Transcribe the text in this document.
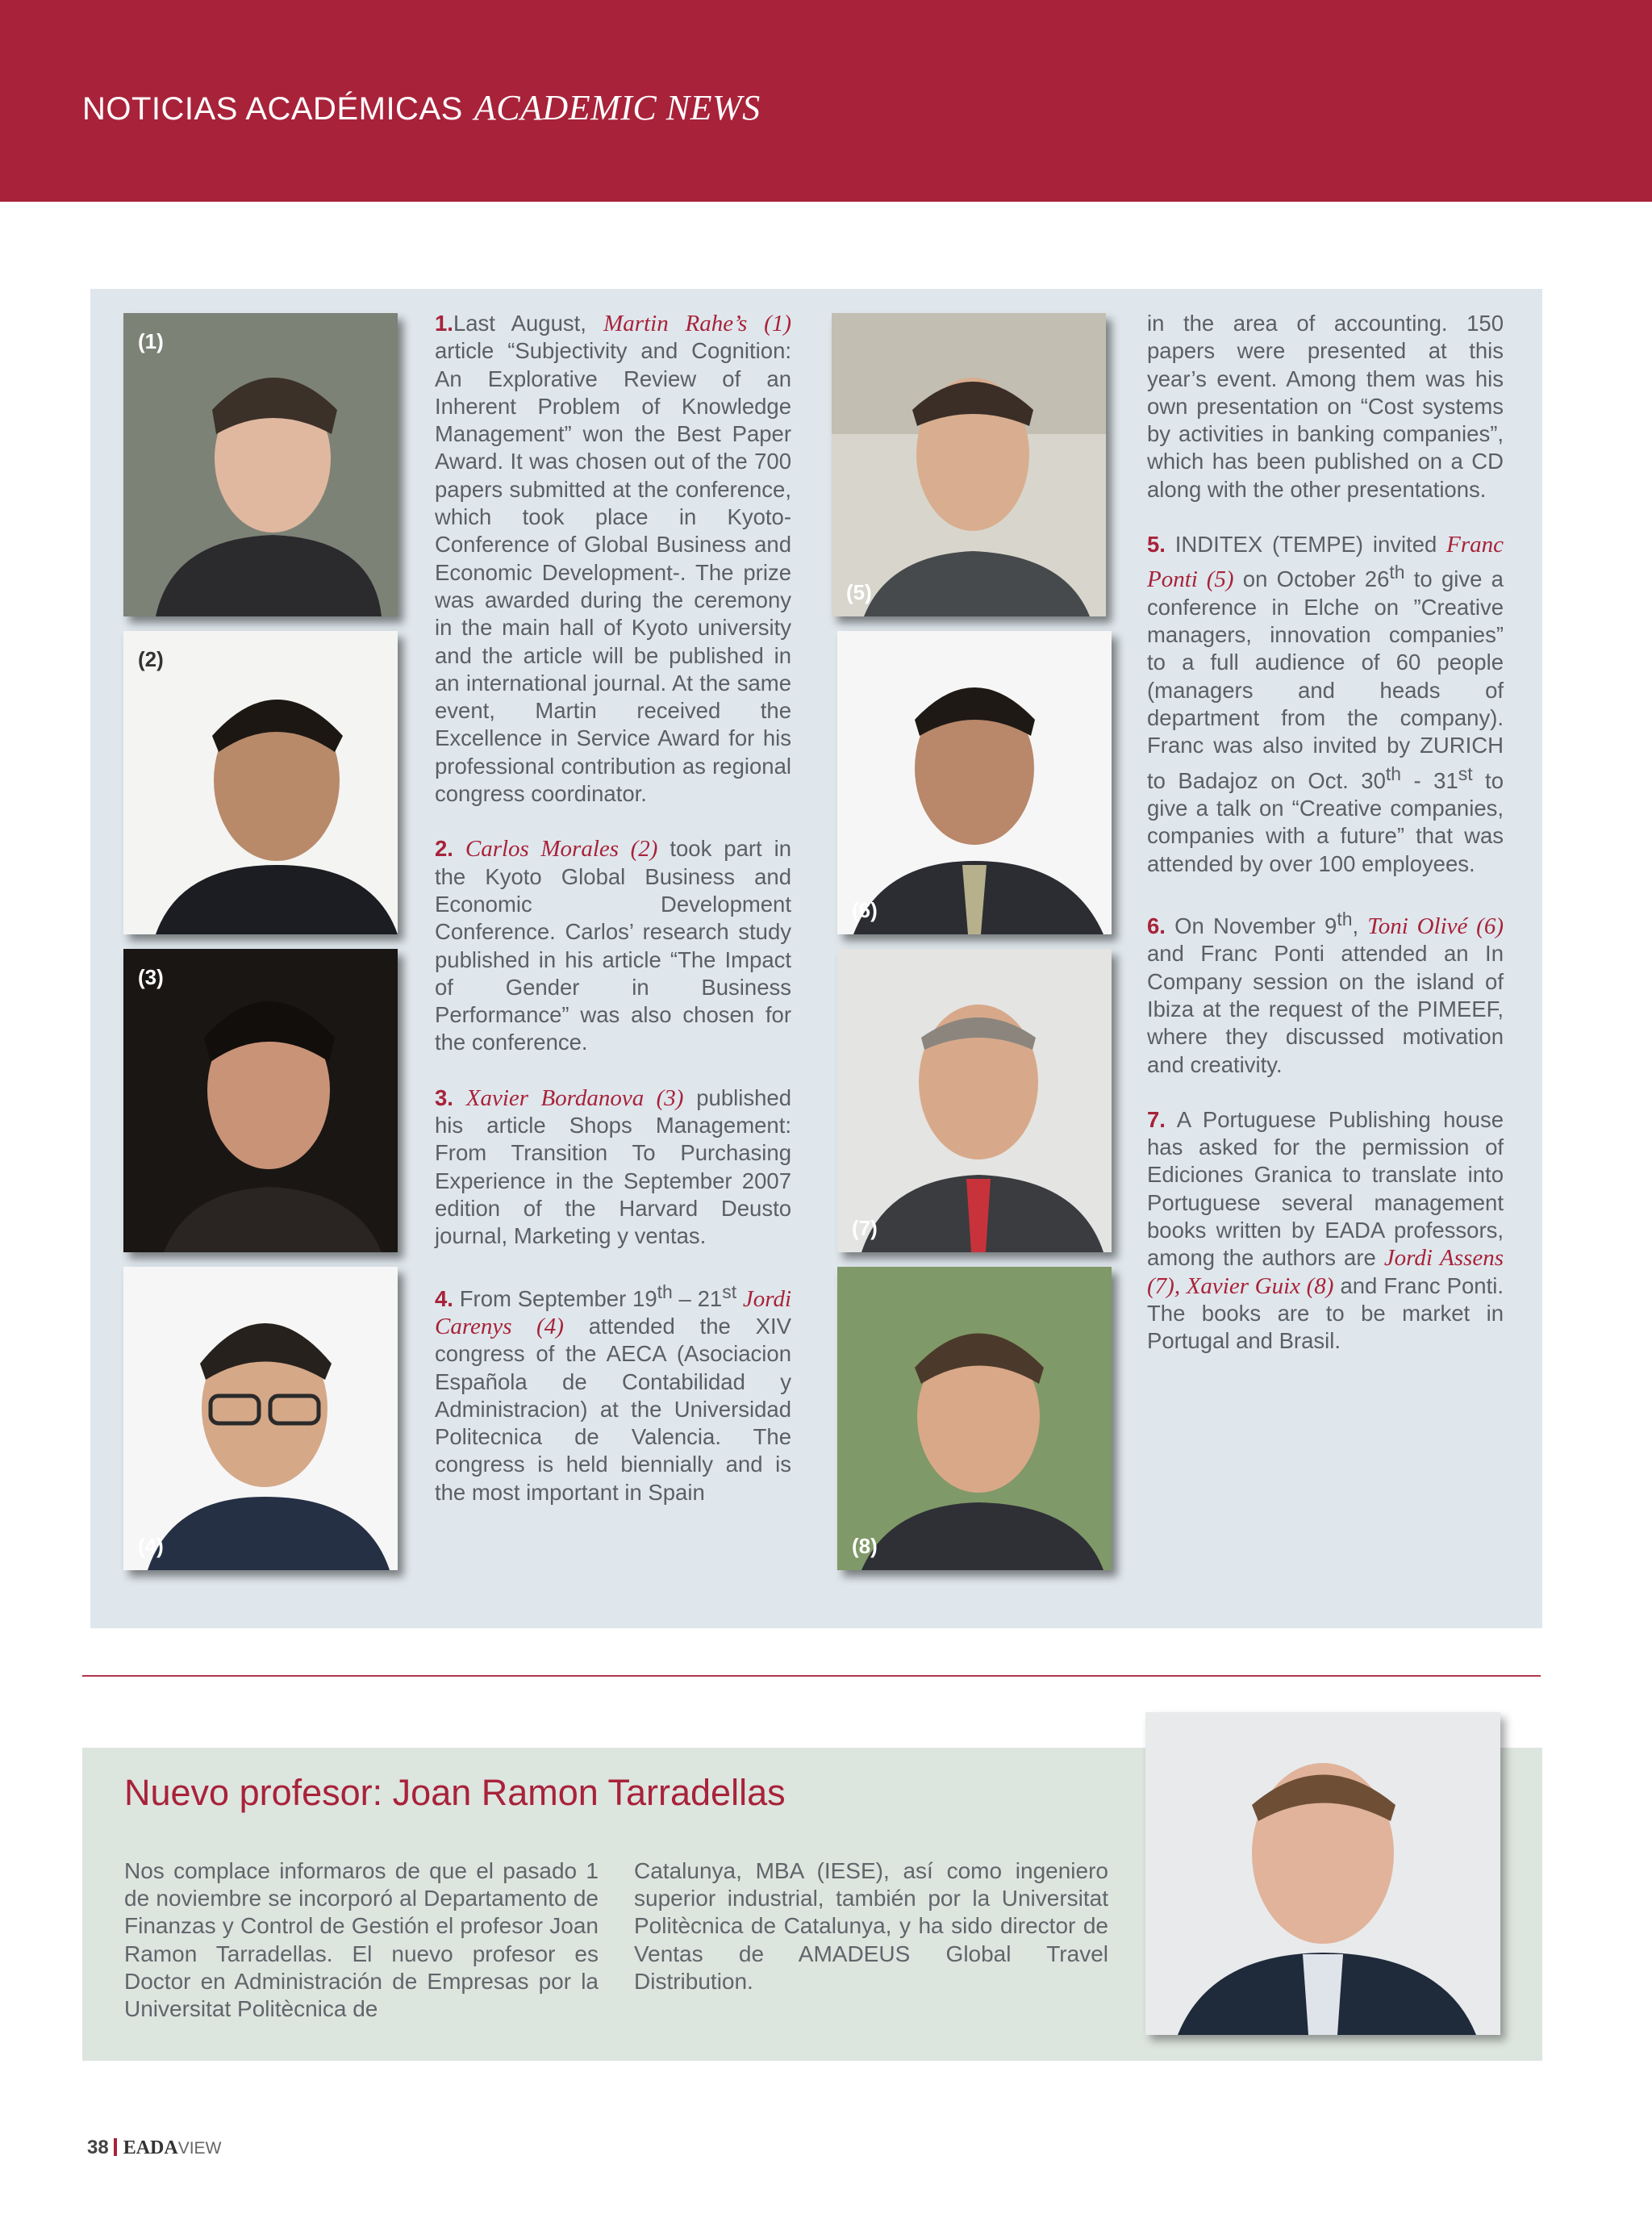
NOTICIAS ACADÉMICAS ACADEMIC NEWS
(1)
(2)
(3)
(4)
(5)
(6)
(7)
(8)

1.Last August, Martin Rahe’s (1) article “Subjectivity and Cognition: An Explorative Review of an Inherent Problem of Knowledge Management” won the Best Paper Award. It was chosen out of the 700 papers submitted at the conference, which took place in Kyoto-Conference of Global Business and Economic Development-. The prize was awarded during the ceremony in the main hall of Kyoto university and the article will be published in an international journal. At the same event, Martin received the Excellence in Service Award for his professional contribution as regional congress coordinator.

2. Carlos Morales (2) took part in the Kyoto Global Business and Economic Development Conference. Carlos’ research study published in his article “The Impact of Gender in Business Performance” was also chosen for the conference.

3. Xavier Bordanova (3) published his article Shops Management: From Transition To Purchasing Experience in the September 2007 edition of the Harvard Deusto journal, Marketing y ventas.

4. From September 19th – 21st Jordi Carenys (4) attended the XIV congress of the AECA (Asociacion Española de Contabilidad y Administracion) at the Universidad Politecnica de Valencia. The congress is held biennially and is the most important in Spain

in the area of accounting. 150 papers were presented at this year’s event. Among them was his own presentation on “Cost systems by activities in banking companies”, which has been published on a CD along with the other presentations.

5. INDITEX (TEMPE) invited Franc Ponti (5) on October 26th to give a conference in Elche on ”Creative managers, innovation companies” to a full audience of 60 people (managers and heads of department from the company). Franc was also invited by ZURICH to Badajoz on Oct. 30th - 31st to give a talk on “Creative companies, companies with a future” that was attended by over 100 employees.

6. On November 9th, Toni Olivé (6) and Franc Ponti attended an In Company session on the island of Ibiza at the request of the PIMEEF, where they discussed motivation and creativity.

7. A Portuguese Publishing house has asked for the permission of Ediciones Granica to translate into Portuguese several management books written by EADA professors, among the authors are Jordi Assens (7), Xavier Guix (8) and Franc Ponti. The books are to be market in Portugal and Brasil.

Nuevo profesor: Joan Ramon Tarradellas
Nos complace informaros de que el pasado 1 de noviembre se incorporó al Departamento de Finanzas y Control de Gestión el profesor Joan Ramon Tarradellas. El nuevo profesor es Doctor en Administración de Empresas por la Universitat Politècnica de
Catalunya, MBA (IESE), así como ingeniero superior industrial, también por la Universitat Politècnica de Catalunya, y ha sido director de Ventas de AMADEUS Global Travel Distribution.
38 EADAVIEW
